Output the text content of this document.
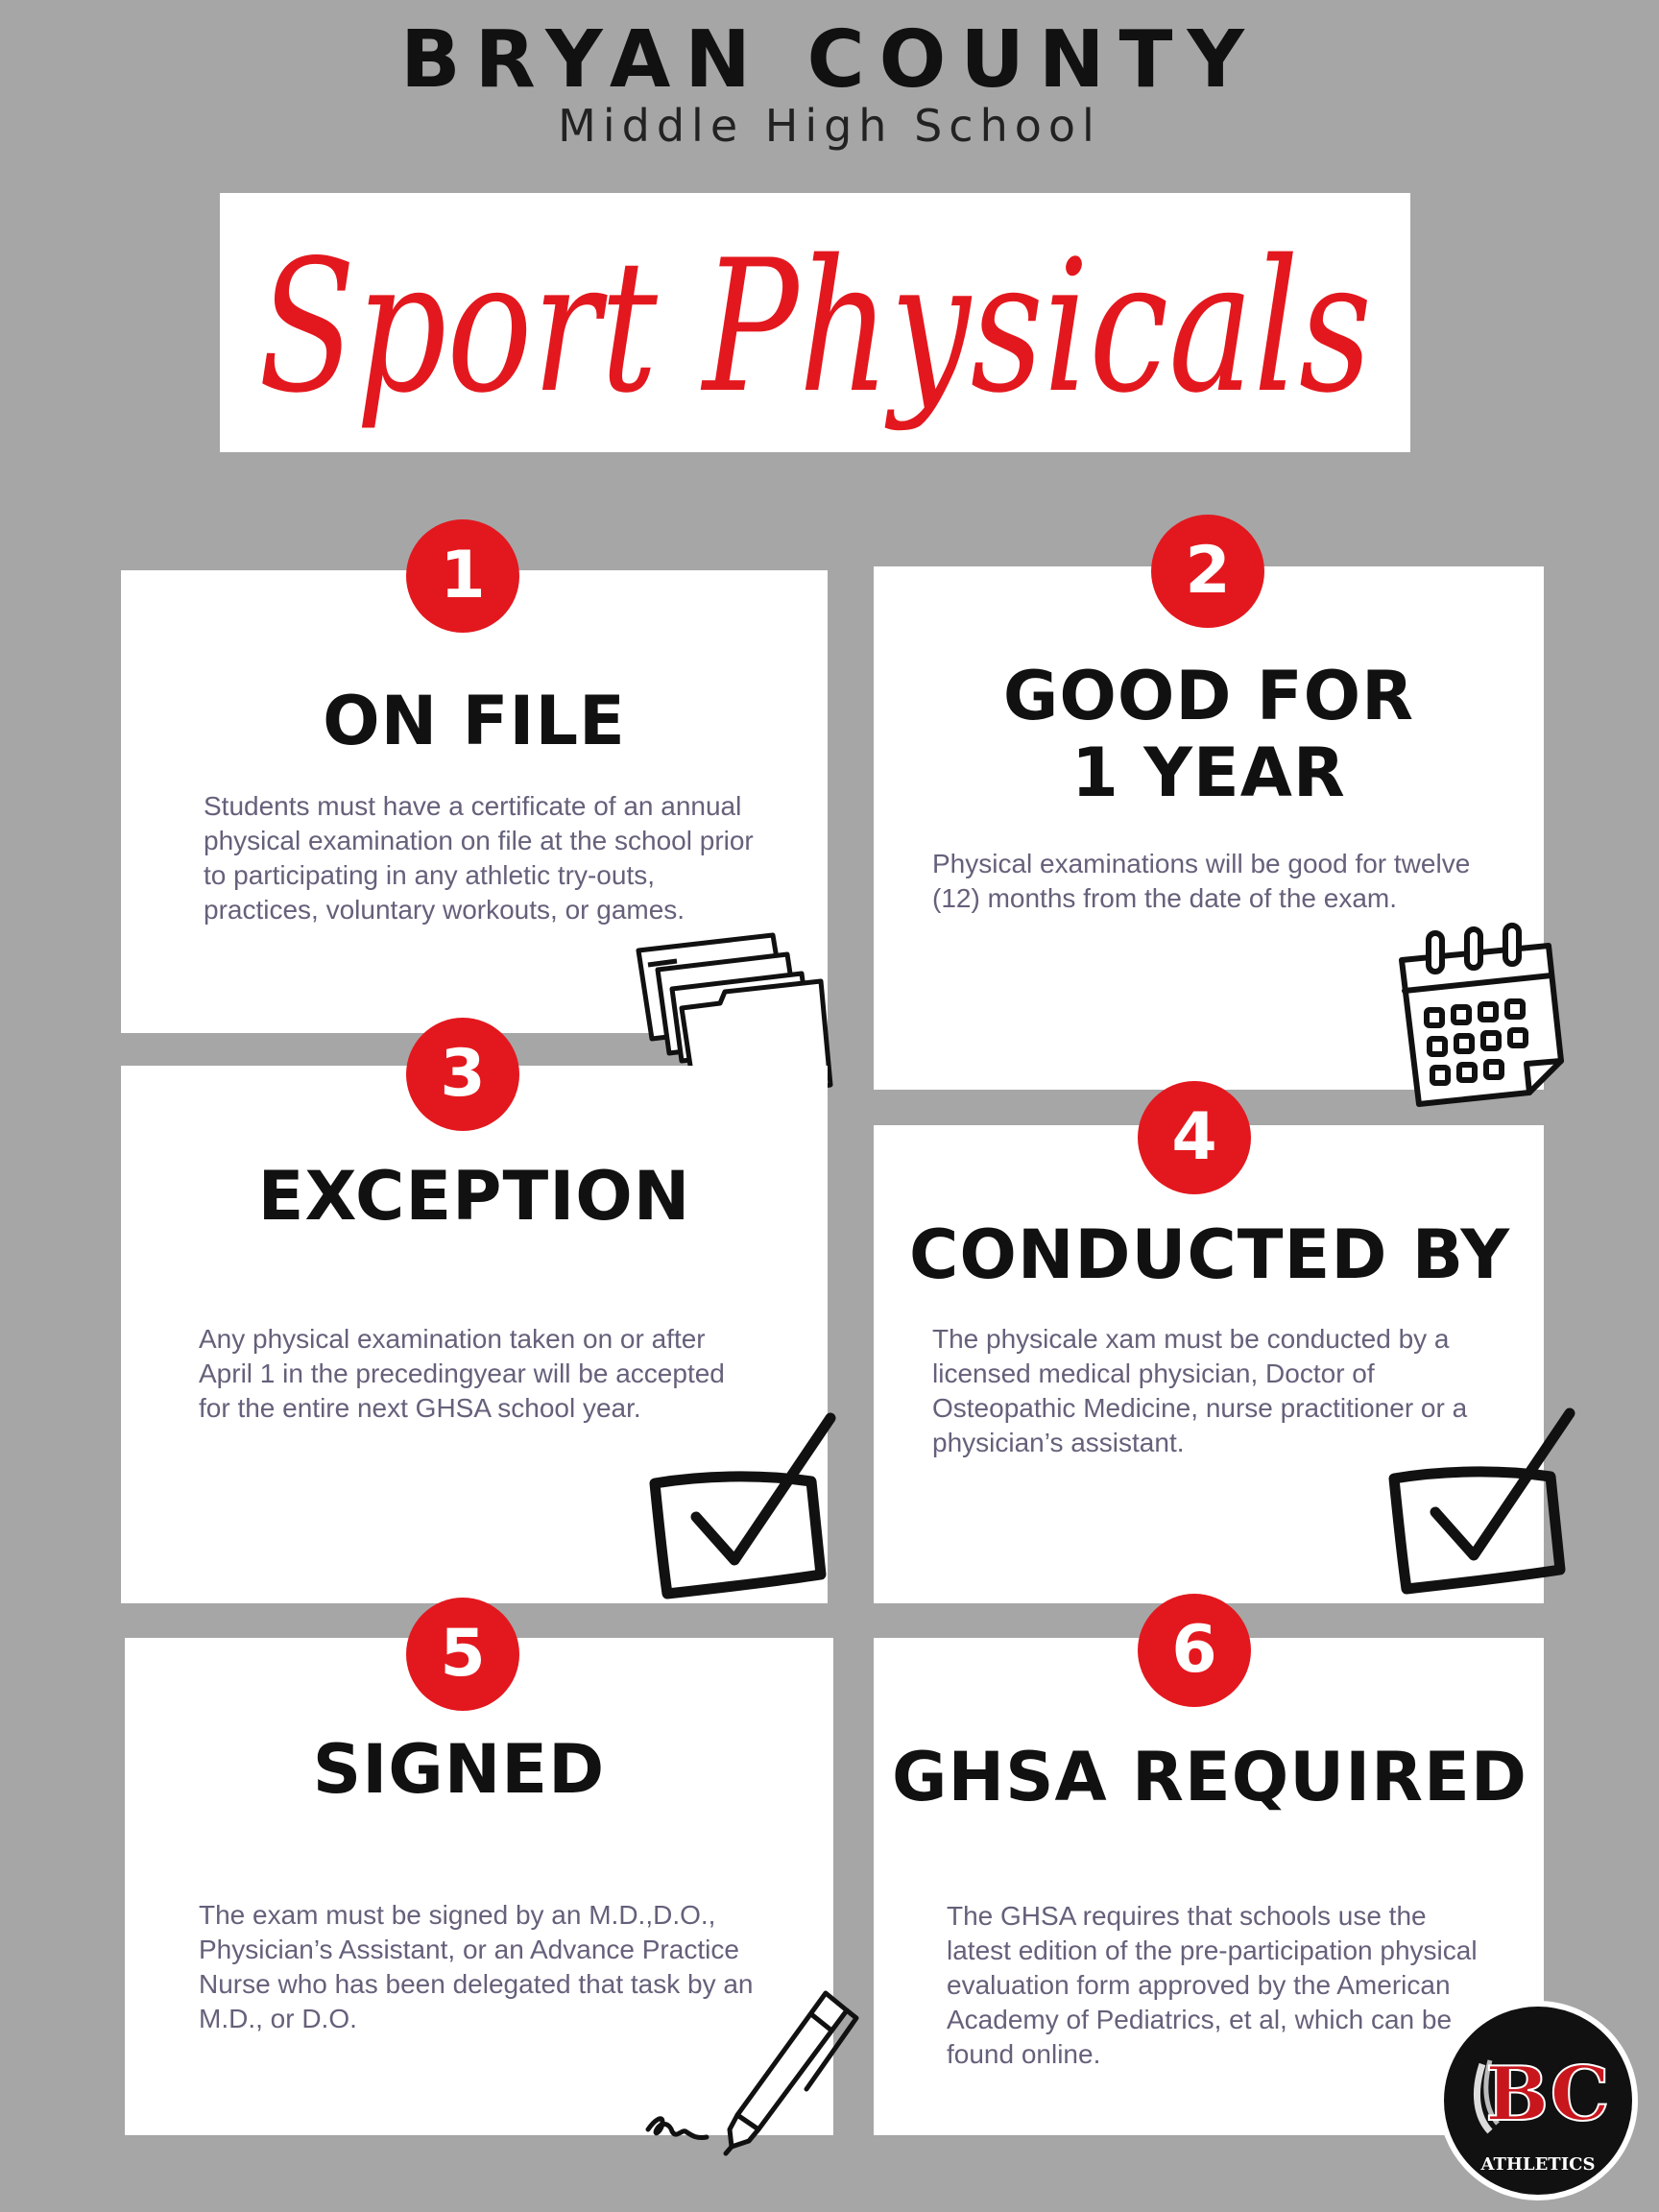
BRYAN COUNTY
Middle High School
Sport Physicals
1
ON FILE
Students must have a certificate of an annual physical examination on file at the school prior to participating in any athletic try-outs, practices, voluntary workouts, or games.
2
GOOD FOR
1 YEAR
Physical examinations will be good for twelve (12) months from the date of the exam.
3
EXCEPTION
Any physical examination taken on or after April 1 in the precedingyear will be accepted for the entire next GHSA school year.
4
CONDUCTED BY
The physicale xam must be conducted by a licensed medical physician, Doctor of Osteopathic Medicine, nurse practitioner or a physician’s assistant.
5
SIGNED
The exam must be signed by an M.D.,D.O., Physician’s Assistant, or an Advance Practice Nurse who has been delegated that task by an M.D., or D.O.
6
GHSA REQUIRED
The GHSA requires that schools use the latest edition of the pre-participation physical evaluation form approved by the American Academy of Pediatrics, et al, which can be found online.	BC
ATHLETICS
